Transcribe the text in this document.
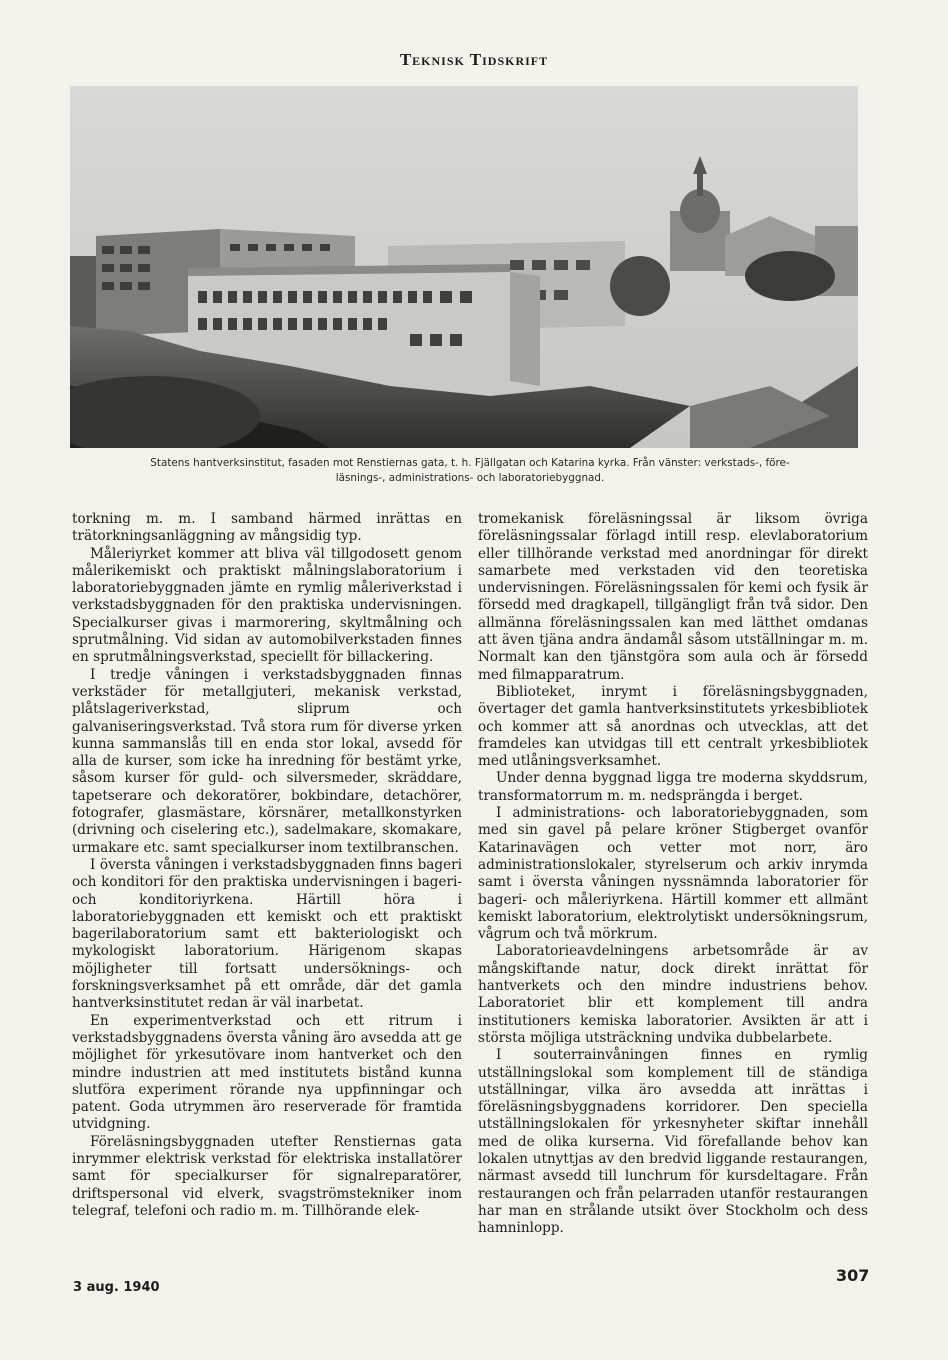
Teknisk Tidskrift
Statens hantverksinstitut, fasaden mot Renstiernas gata, t. h. Fjällgatan och Katarina kyrka. Från vänster: verkstads-, före-
läsnings-, administrations- och laboratoriebyggnad.

torkning m. m. I samband härmed inrättas en trätorkningsanläggning av mångsidig typ.

Måleriyrket kommer att bliva väl tillgodosett genom målerikemiskt och praktiskt målningslaboratorium i laboratoriebyggnaden jämte en rymlig måleriverkstad i verkstadsbyggnaden för den praktiska undervisningen. Specialkurser givas i marmorering, skyltmålning och sprutmålning. Vid sidan av automobilverkstaden finnes en sprutmålningsverkstad, speciellt för billackering.

I tredje våningen i verkstadsbyggnaden finnas verkstäder för metallgjuteri, mekanisk verkstad, plåtslageriverkstad, sliprum och galvaniseringsverkstad. Två stora rum för diverse yrken kunna sammanslås till en enda stor lokal, avsedd för alla de kurser, som icke ha inredning för bestämt yrke, såsom kurser för guld- och silversmeder, skräddare, tapetserare och dekoratörer, bokbindare, detachörer, fotografer, glasmästare, körsnärer, metallkonstyrken (drivning och ciselering etc.), sadelmakare, skomakare, urmakare etc. samt specialkurser inom textilbranschen.

I översta våningen i verkstadsbyggnaden finns bageri och konditori för den praktiska undervisningen i bageri- och konditoriyrkena. Härtill höra i laboratoriebyggnaden ett kemiskt och ett praktiskt bagerilaboratorium samt ett bakteriologiskt och mykologiskt laboratorium. Härigenom skapas möjligheter till fortsatt undersöknings- och forskningsverksamhet på ett område, där det gamla hantverksinstitutet redan är väl inarbetat.

En experimentverkstad och ett ritrum i verkstadsbyggnadens översta våning äro avsedda att ge möjlighet för yrkesutövare inom hantverket och den mindre industrien att med institutets bistånd kunna slutföra experiment rörande nya uppfinningar och patent. Goda utrymmen äro reserverade för framtida utvidgning.

Föreläsningsbyggnaden utefter Renstiernas gata inrymmer elektrisk verkstad för elektriska installatörer samt för specialkurser för signalreparatörer, driftspersonal vid elverk, svagströmstekniker inom telegraf, telefoni och radio m. m. Tillhörande elek-

tromekanisk föreläsningssal är liksom övriga föreläsningssalar förlagd intill resp. elevlaboratorium eller tillhörande verkstad med anordningar för direkt samarbete med verkstaden vid den teoretiska undervisningen. Föreläsningssalen för kemi och fysik är försedd med dragkapell, tillgängligt från två sidor. Den allmänna föreläsningssalen kan med lätthet omdanas att även tjäna andra ändamål såsom utställningar m. m. Normalt kan den tjänstgöra som aula och är försedd med filmapparatrum.

Biblioteket, inrymt i föreläsningsbyggnaden, övertager det gamla hantverksinstitutets yrkesbibliotek och kommer att så anordnas och utvecklas, att det framdeles kan utvidgas till ett centralt yrkesbibliotek med utlåningsverksamhet.

Under denna byggnad ligga tre moderna skyddsrum, transformatorrum m. m. nedsprängda i berget.

I administrations- och laboratoriebyggnaden, som med sin gavel på pelare kröner Stigberget ovanför Katarinavägen och vetter mot norr, äro administrationslokaler, styrelserum och arkiv inrymda samt i översta våningen nyssnämnda laboratorier för bageri- och måleriyrkena. Härtill kommer ett allmänt kemiskt laboratorium, elektrolytiskt undersökningsrum, vågrum och två mörkrum.

Laboratorieavdelningens arbetsområde är av mångskiftande natur, dock direkt inrättat för hantverkets och den mindre industriens behov. Laboratoriet blir ett komplement till andra institutioners kemiska laboratorier. Avsikten är att i största möjliga utsträckning undvika dubbelarbete.

I souterrainvåningen finnes en rymlig utställningslokal som komplement till de ständiga utställningar, vilka äro avsedda att inrättas i föreläsningsbyggnadens korridorer. Den speciella utställningslokalen för yrkesnyheter skiftar innehåll med de olika kurserna. Vid förefallande behov kan lokalen utnyttjas av den bredvid liggande restaurangen, närmast avsedd till lunchrum för kursdeltagare. Från restaurangen och från pelarraden utanför restaurangen har man en strålande utsikt över Stockholm och dess hamninlopp.

3 aug. 1940
307
